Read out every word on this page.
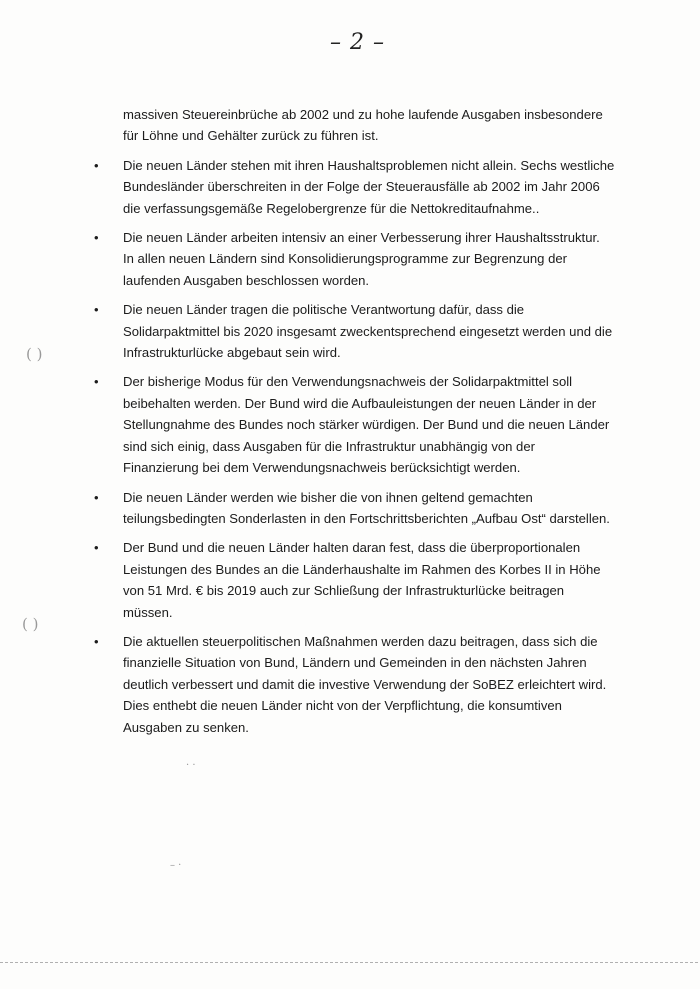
– 2 –
( )
( )
· ·
– ·
massiven Steuereinbrüche ab 2002 und zu hohe laufende Ausgaben insbesondere
für Löhne und Gehälter zurück zu führen ist.
•	Die neuen Länder stehen mit ihren Haushaltsproblemen nicht allein. Sechs westliche
Bundesländer überschreiten in der Folge der Steuerausfälle ab 2002 im Jahr 2006
die verfassungsgemäße Regelobergrenze für die Nettokreditaufnahme..
•	Die neuen Länder arbeiten intensiv an einer Verbesserung ihrer Haushaltsstruktur.
In allen neuen Ländern sind Konsolidierungsprogramme zur Begrenzung der
laufenden Ausgaben beschlossen worden.
•	Die neuen Länder tragen die politische Verantwortung dafür, dass die
Solidarpaktmittel bis 2020 insgesamt zweckentsprechend eingesetzt werden und die
Infrastrukturlücke abgebaut sein wird.
•	Der bisherige Modus für den Verwendungsnachweis der Solidarpaktmittel soll
beibehalten werden. Der Bund wird die Aufbauleistungen der neuen Länder in der
Stellungnahme des Bundes noch stärker würdigen. Der Bund und die neuen Länder
sind sich einig, dass Ausgaben für die Infrastruktur unabhängig von der
Finanzierung bei dem Verwendungsnachweis berücksichtigt werden.
•	Die neuen Länder werden wie bisher die von ihnen geltend gemachten
teilungsbedingten Sonderlasten in den Fortschrittsberichten „Aufbau Ost“ darstellen.
•	Der Bund und die neuen Länder halten daran fest, dass die überproportionalen
Leistungen des Bundes an die Länderhaushalte im Rahmen des Korbes II in Höhe
von 51 Mrd. € bis 2019 auch zur Schließung der Infrastrukturlücke beitragen
müssen.
•	Die aktuellen steuerpolitischen Maßnahmen werden dazu beitragen, dass sich die
finanzielle Situation von Bund, Ländern und Gemeinden in den nächsten Jahren
deutlich verbessert und damit die investive Verwendung der SoBEZ erleichtert wird.
Dies enthebt die neuen Länder nicht von der Verpflichtung, die konsumtiven
Ausgaben zu senken.
